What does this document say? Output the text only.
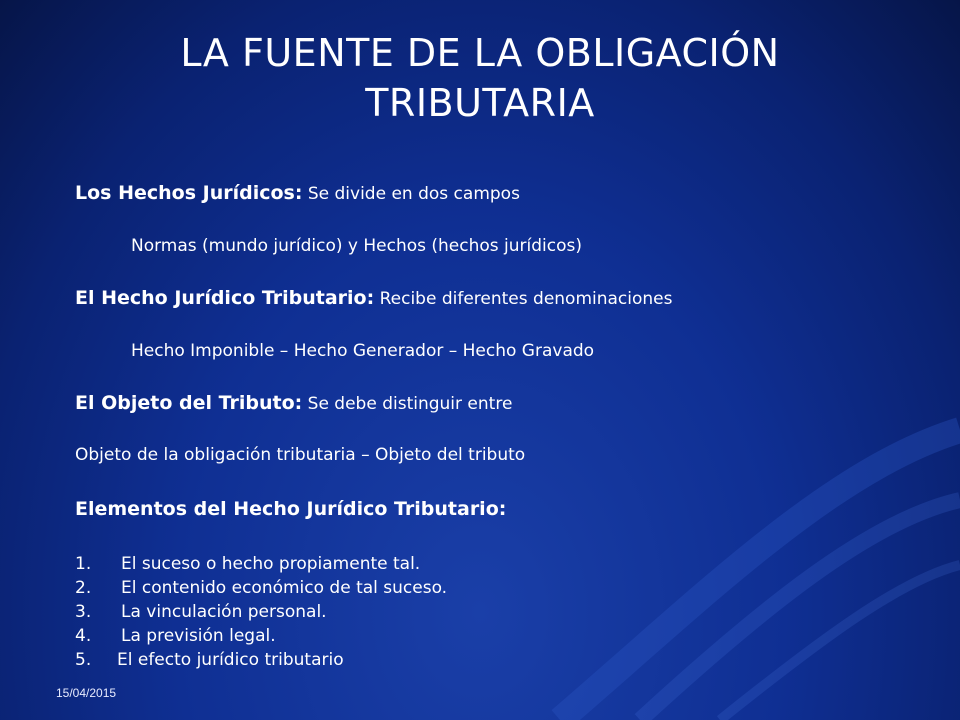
LA FUENTE DE LA OBLIGACIÓN
TRIBUTARIA
Los Hechos Jurídicos: Se divide en dos campos
Normas (mundo jurídico) y Hechos (hechos jurídicos)
El Hecho Jurídico Tributario: Recibe diferentes denominaciones
Hecho Imponible – Hecho Generador – Hecho Gravado
El Objeto del Tributo: Se debe distinguir entre
Objeto de la obligación tributaria – Objeto del tributo
Elementos del Hecho Jurídico Tributario:
1. El suceso o hecho propiamente tal.
2. El contenido económico de tal suceso.
3. La vinculación personal.
4. La previsión legal.
5. El efecto jurídico tributario
15/04/2015
